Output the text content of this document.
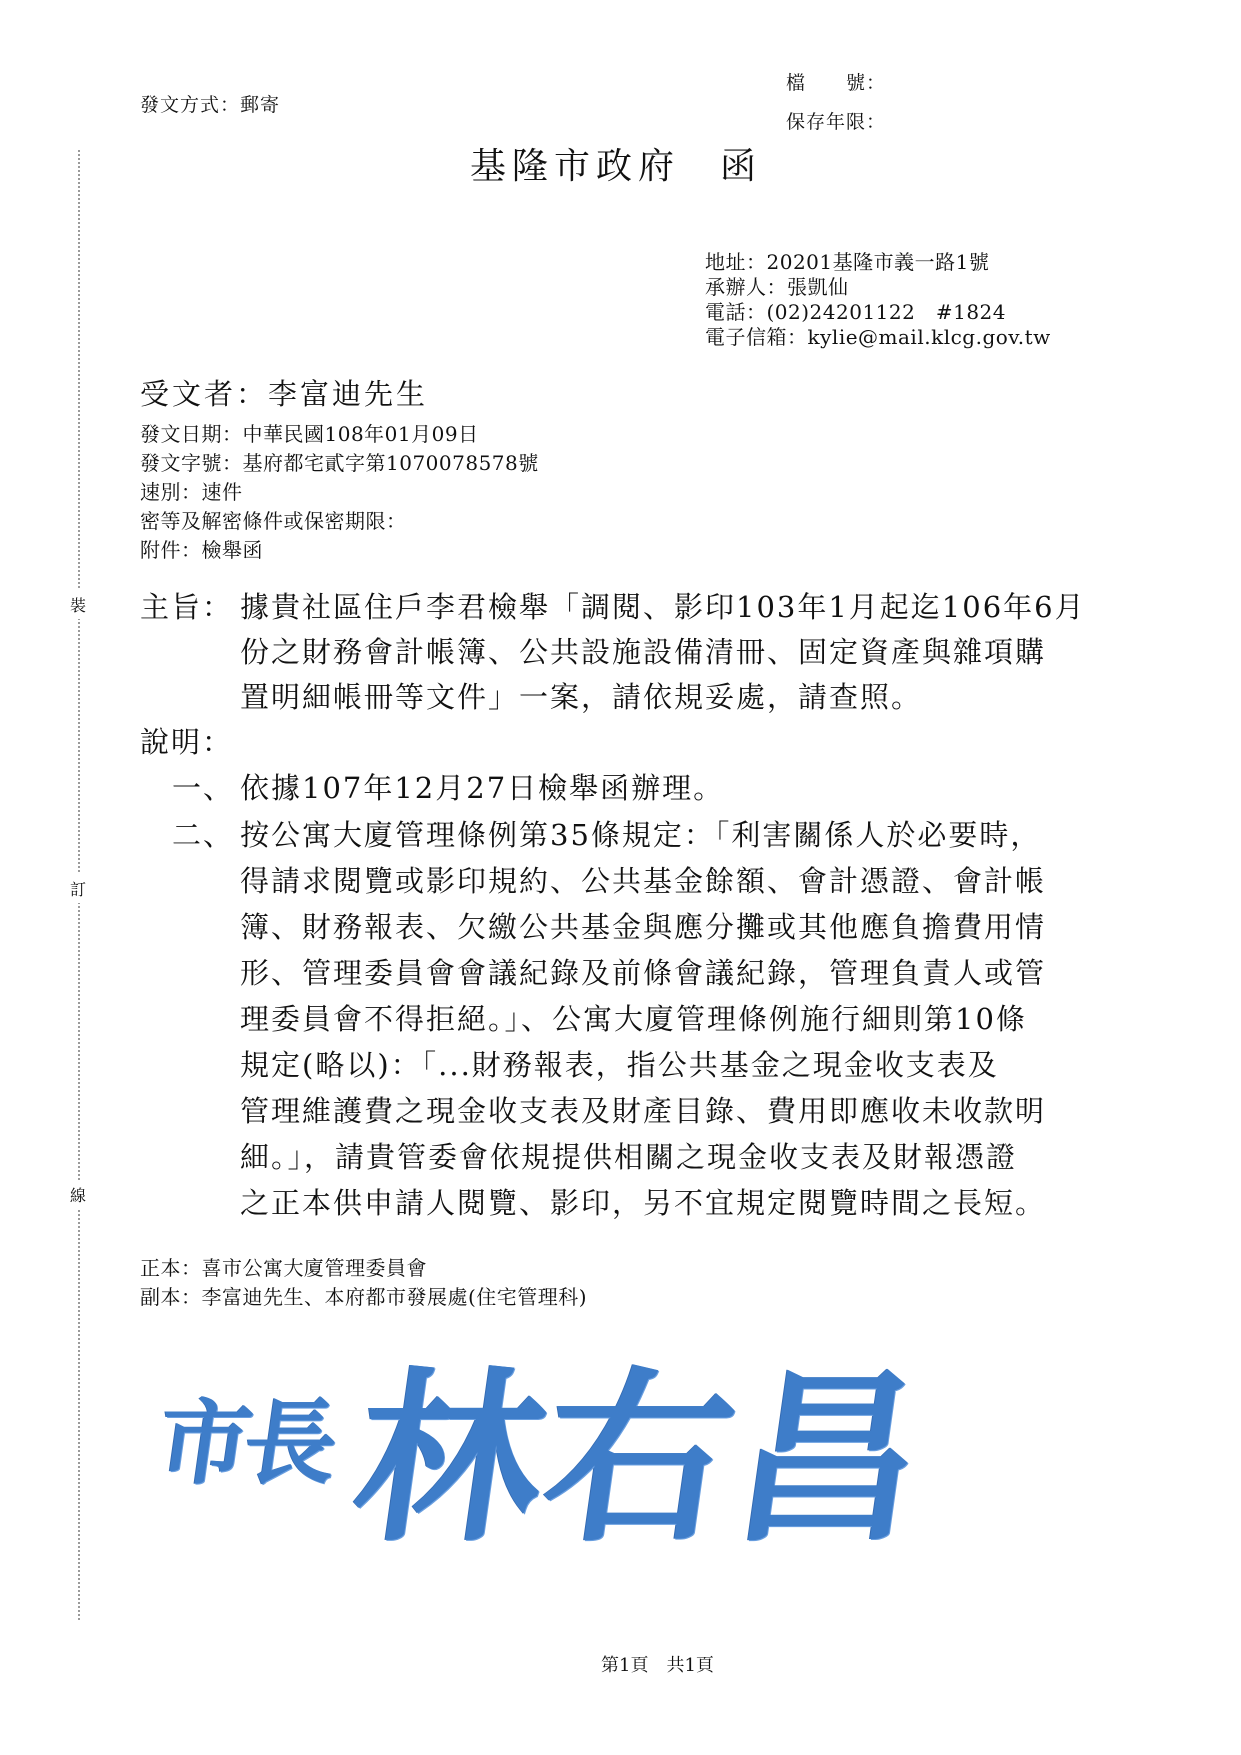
裝
訂
線
發文方式：郵寄
檔　　號：
保存年限：
基隆市政府 函
地址：20201基隆市義一路1號
承辦人：張凱仙
電話：(02)24201122　#1824
電子信箱：kylie@mail.klcg.gov.tw
受文者：李富迪先生
發文日期：中華民國108年01月09日
發文字號：基府都宅貳字第1070078578號
速別：速件
密等及解密條件或保密期限：
附件：檢舉函
主旨： 據貴社區住戶李君檢舉「調閱、影印103年1月起迄106年6月
份之財務會計帳簿、公共設施設備清冊、固定資產與雜項購
置明細帳冊等文件」一案，請依規妥處，請查照。
說明：
一、 依據107年12月27日檢舉函辦理。
二、 按公寓大廈管理條例第35條規定：「利害關係人於必要時，
得請求閱覽或影印規約、公共基金餘額、會計憑證、會計帳
簿、財務報表、欠繳公共基金與應分攤或其他應負擔費用情
形、管理委員會會議紀錄及前條會議紀錄，管理負責人或管
理委員會不得拒絕。」、公寓大廈管理條例施行細則第10條
規定(略以)：「...財務報表，指公共基金之現金收支表及
管理維護費之現金收支表及財產目錄、費用即應收未收款明
細。」，請貴管委會依規提供相關之現金收支表及財報憑證
之正本供申請人閱覽、影印，另不宜規定閱覽時間之長短。
正本：喜市公寓大廈管理委員會
副本：李富迪先生、本府都市發展處(住宅管理科)
市長 林右昌
第1頁　共1頁
